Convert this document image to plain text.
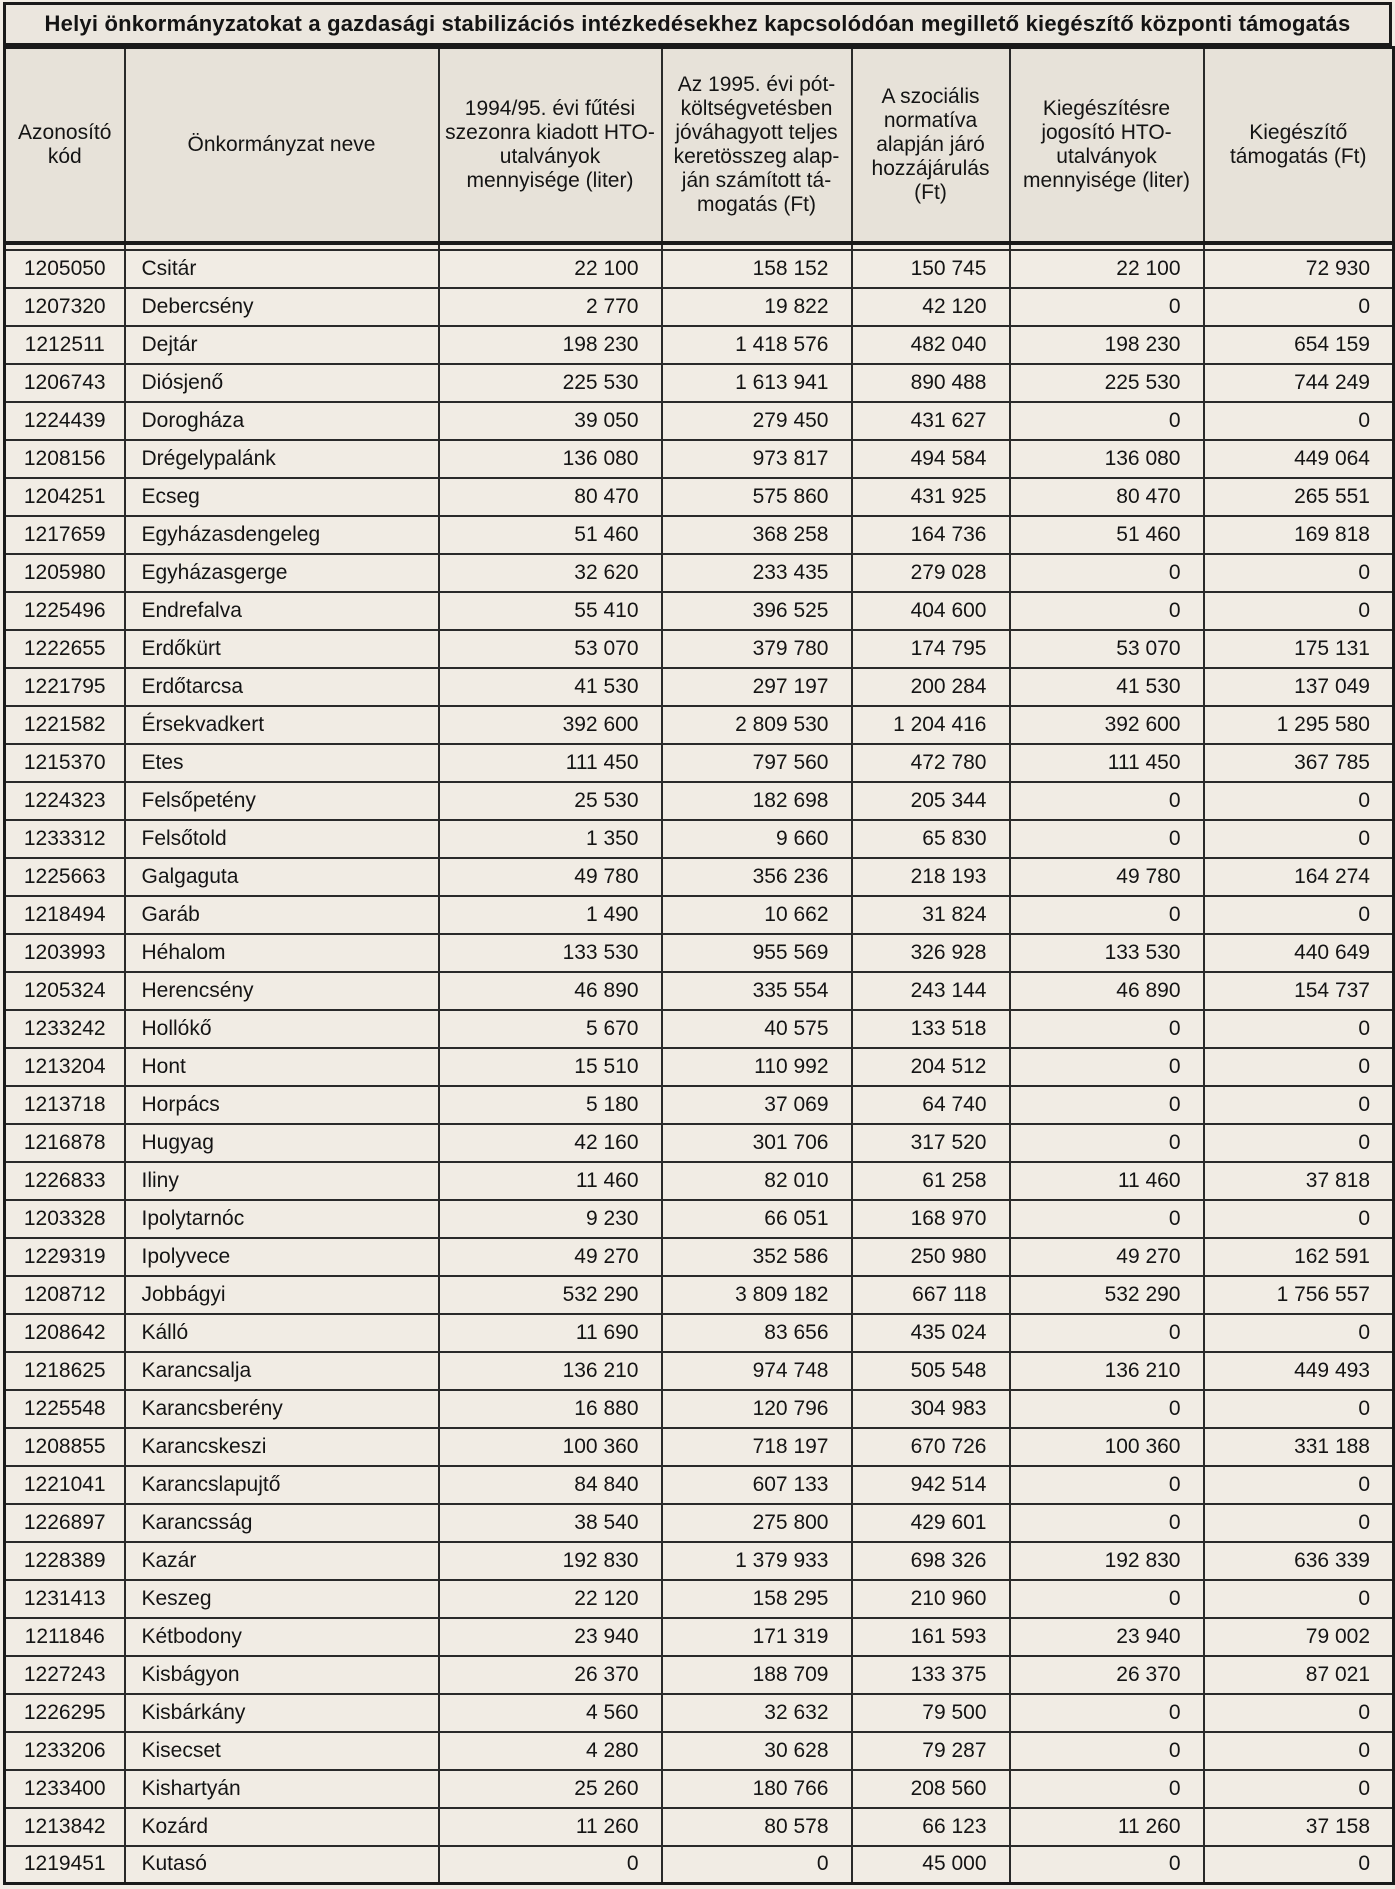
Helyi önkormányzatokat a gazdasági stabilizációs intézkedésekhez kapcsolódóan megillető kiegészítő központi támogatás
Azonosító kód	Önkormányzat neve	1994/95. évi fűtési szezonra kiadott HTO-utalványok mennyisége (liter)	Az 1995. évi pót-költségvetésben jóváhagyott teljes keretösszeg alap-ján számított tá-mogatás (Ft)	A szociális normatíva alapján járó hozzájárulás (Ft)	Kiegészítésre jogosító HTO-utalványok mennyisége (liter)	Kiegészítő támogatás (Ft)

1205050	Csitár	22 100	158 152	150 745	22 100	72 930
1207320	Debercsény	2 770	19 822	42 120	0	0
1212511	Dejtár	198 230	1 418 576	482 040	198 230	654 159
1206743	Diósjenő	225 530	1 613 941	890 488	225 530	744 249
1224439	Dorogháza	39 050	279 450	431 627	0	0
1208156	Drégelypalánk	136 080	973 817	494 584	136 080	449 064
1204251	Ecseg	80 470	575 860	431 925	80 470	265 551
1217659	Egyházasdengeleg	51 460	368 258	164 736	51 460	169 818
1205980	Egyházasgerge	32 620	233 435	279 028	0	0
1225496	Endrefalva	55 410	396 525	404 600	0	0
1222655	Erdőkürt	53 070	379 780	174 795	53 070	175 131
1221795	Erdőtarcsa	41 530	297 197	200 284	41 530	137 049
1221582	Érsekvadkert	392 600	2 809 530	1 204 416	392 600	1 295 580
1215370	Etes	111 450	797 560	472 780	111 450	367 785
1224323	Felsőpetény	25 530	182 698	205 344	0	0
1233312	Felsőtold	1 350	9 660	65 830	0	0
1225663	Galgaguta	49 780	356 236	218 193	49 780	164 274
1218494	Garáb	1 490	10 662	31 824	0	0
1203993	Héhalom	133 530	955 569	326 928	133 530	440 649
1205324	Herencsény	46 890	335 554	243 144	46 890	154 737
1233242	Hollókő	5 670	40 575	133 518	0	0
1213204	Hont	15 510	110 992	204 512	0	0
1213718	Horpács	5 180	37 069	64 740	0	0
1216878	Hugyag	42 160	301 706	317 520	0	0
1226833	Iliny	11 460	82 010	61 258	11 460	37 818
1203328	Ipolytarnóc	9 230	66 051	168 970	0	0
1229319	Ipolyvece	49 270	352 586	250 980	49 270	162 591
1208712	Jobbágyi	532 290	3 809 182	667 118	532 290	1 756 557
1208642	Kálló	11 690	83 656	435 024	0	0
1218625	Karancsalja	136 210	974 748	505 548	136 210	449 493
1225548	Karancsberény	16 880	120 796	304 983	0	0
1208855	Karancskeszi	100 360	718 197	670 726	100 360	331 188
1221041	Karancslapujtő	84 840	607 133	942 514	0	0
1226897	Karancsság	38 540	275 800	429 601	0	0
1228389	Kazár	192 830	1 379 933	698 326	192 830	636 339
1231413	Keszeg	22 120	158 295	210 960	0	0
1211846	Kétbodony	23 940	171 319	161 593	23 940	79 002
1227243	Kisbágyon	26 370	188 709	133 375	26 370	87 021
1226295	Kisbárkány	4 560	32 632	79 500	0	0
1233206	Kisecset	4 280	30 628	79 287	0	0
1233400	Kishartyán	25 260	180 766	208 560	0	0
1213842	Kozárd	11 260	80 578	66 123	11 260	37 158
1219451	Kutasó	0	0	45 000	0	0
